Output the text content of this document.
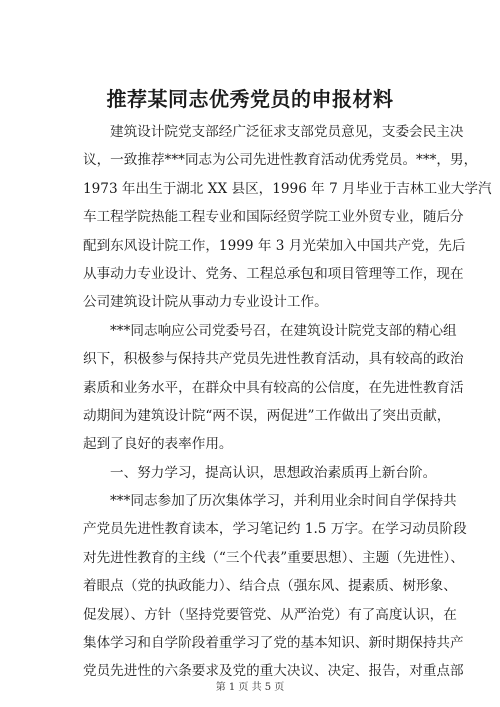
推荐某同志优秀党员的申报材料
建筑设计院党支部经广泛征求支部党员意见，支委会民主决
议，一致推荐***同志为公司先进性教育活动优秀党员。***，男，
1973 年出生于湖北 XX 县区，1996 年 7 月毕业于吉林工业大学汽
车工程学院热能工程专业和国际经贸学院工业外贸专业，随后分
配到东风设计院工作，1999 年 3 月光荣加入中国共产党，先后
从事动力专业设计、党务、工程总承包和项目管理等工作，现在
公司建筑设计院从事动力专业设计工作。
***同志响应公司党委号召，在建筑设计院党支部的精心组
织下，积极参与保持共产党员先进性教育活动，具有较高的政治
素质和业务水平，在群众中具有较高的公信度，在先进性教育活
动期间为建筑设计院“两不误，两促进”工作做出了突出贡献，
起到了良好的表率作用。
一、努力学习，提高认识，思想政治素质再上新台阶。
***同志参加了历次集体学习，并利用业余时间自学保持共
产党员先进性教育读本，学习笔记约 1.5 万字。在学习动员阶段
对先进性教育的主线（“三个代表”重要思想）、主题（先进性）、
着眼点（党的执政能力）、结合点（强东风、提素质、树形象、
促发展）、方针（坚持党要管党、从严治党）有了高度认识，在
集体学习和自学阶段着重学习了党的基本知识、新时期保持共产
党员先进性的六条要求及党的重大决议、决定、报告，对重点部
第 1 页 共 5 页
